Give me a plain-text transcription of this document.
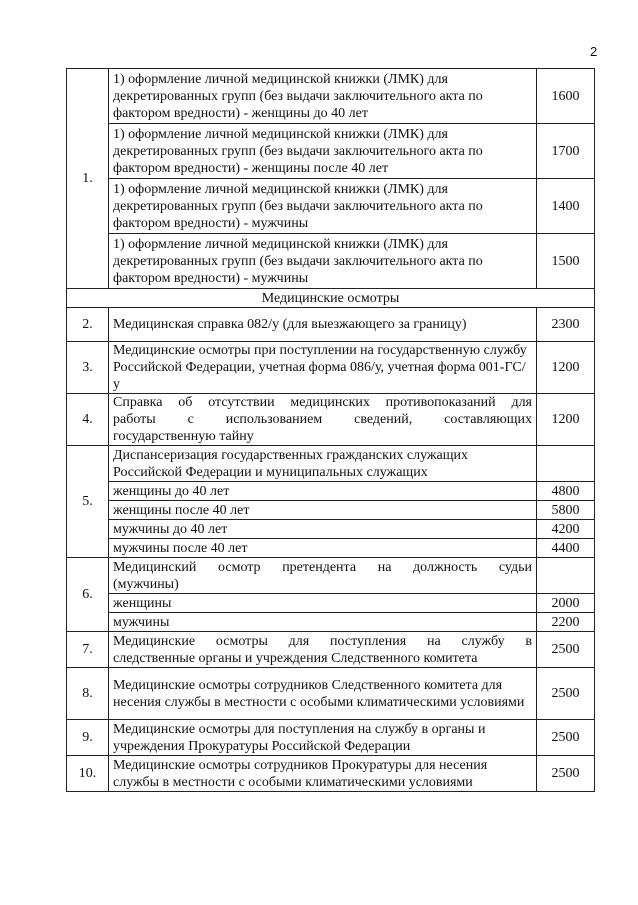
2
1.	1) оформление личной медицинской книжки (ЛМК) для декретированных групп (без выдачи заключительного акта по фактором вредности) - женщины до 40 лет	1600
	1) оформление личной медицинской книжки (ЛМК) для декретированных групп (без выдачи заключительного акта по фактором вредности) - женщины после 40 лет	1700
	1) оформление личной медицинской книжки (ЛМК) для декретированных групп (без выдачи заключительного акта по фактором вредности) - мужчины	1400
	1) оформление личной медицинской книжки (ЛМК) для декретированных групп (без выдачи заключительного акта по фактором вредности) - мужчины	1500
Медицинские осмотры		
2.	Медицинская справка 082/у (для выезжающего за границу)	2300
3.	Медицинские осмотры при поступлении на государственную службу Российской Федерации, учетная форма 086/у, учетная форма 001-ГС/у	1200
4.	Справка об отсутствии медицинских противопоказаний для
работы с использованием сведений, составляющих
государственную тайну	1200
5.	Диспансеризация государственных гражданских служащих Российской Федерации и муниципальных служащих	
	женщины до 40 лет	4800
	женщины после 40 лет	5800
	мужчины до 40 лет	4200
	мужчины после 40 лет	4400
6.	Медицинский осмотр претендента на должность судьи
(мужчины)	

	женщины	2000
	мужчины	2200
7.	Медицинские осмотры для поступления на службу в
следственные органы и учреждения Следственного комитета	2500
8.	Медицинские осмотры сотрудников Следственного комитета для несения службы в местности с особыми климатическими условиями	2500
9.	Медицинские осмотры для поступления на службу в органы и учреждения Прокуратуры Российской Федерации	2500
10.	Медицинские осмотры сотрудников Прокуратуры для несения службы в местности с особыми климатическими условиями	2500
